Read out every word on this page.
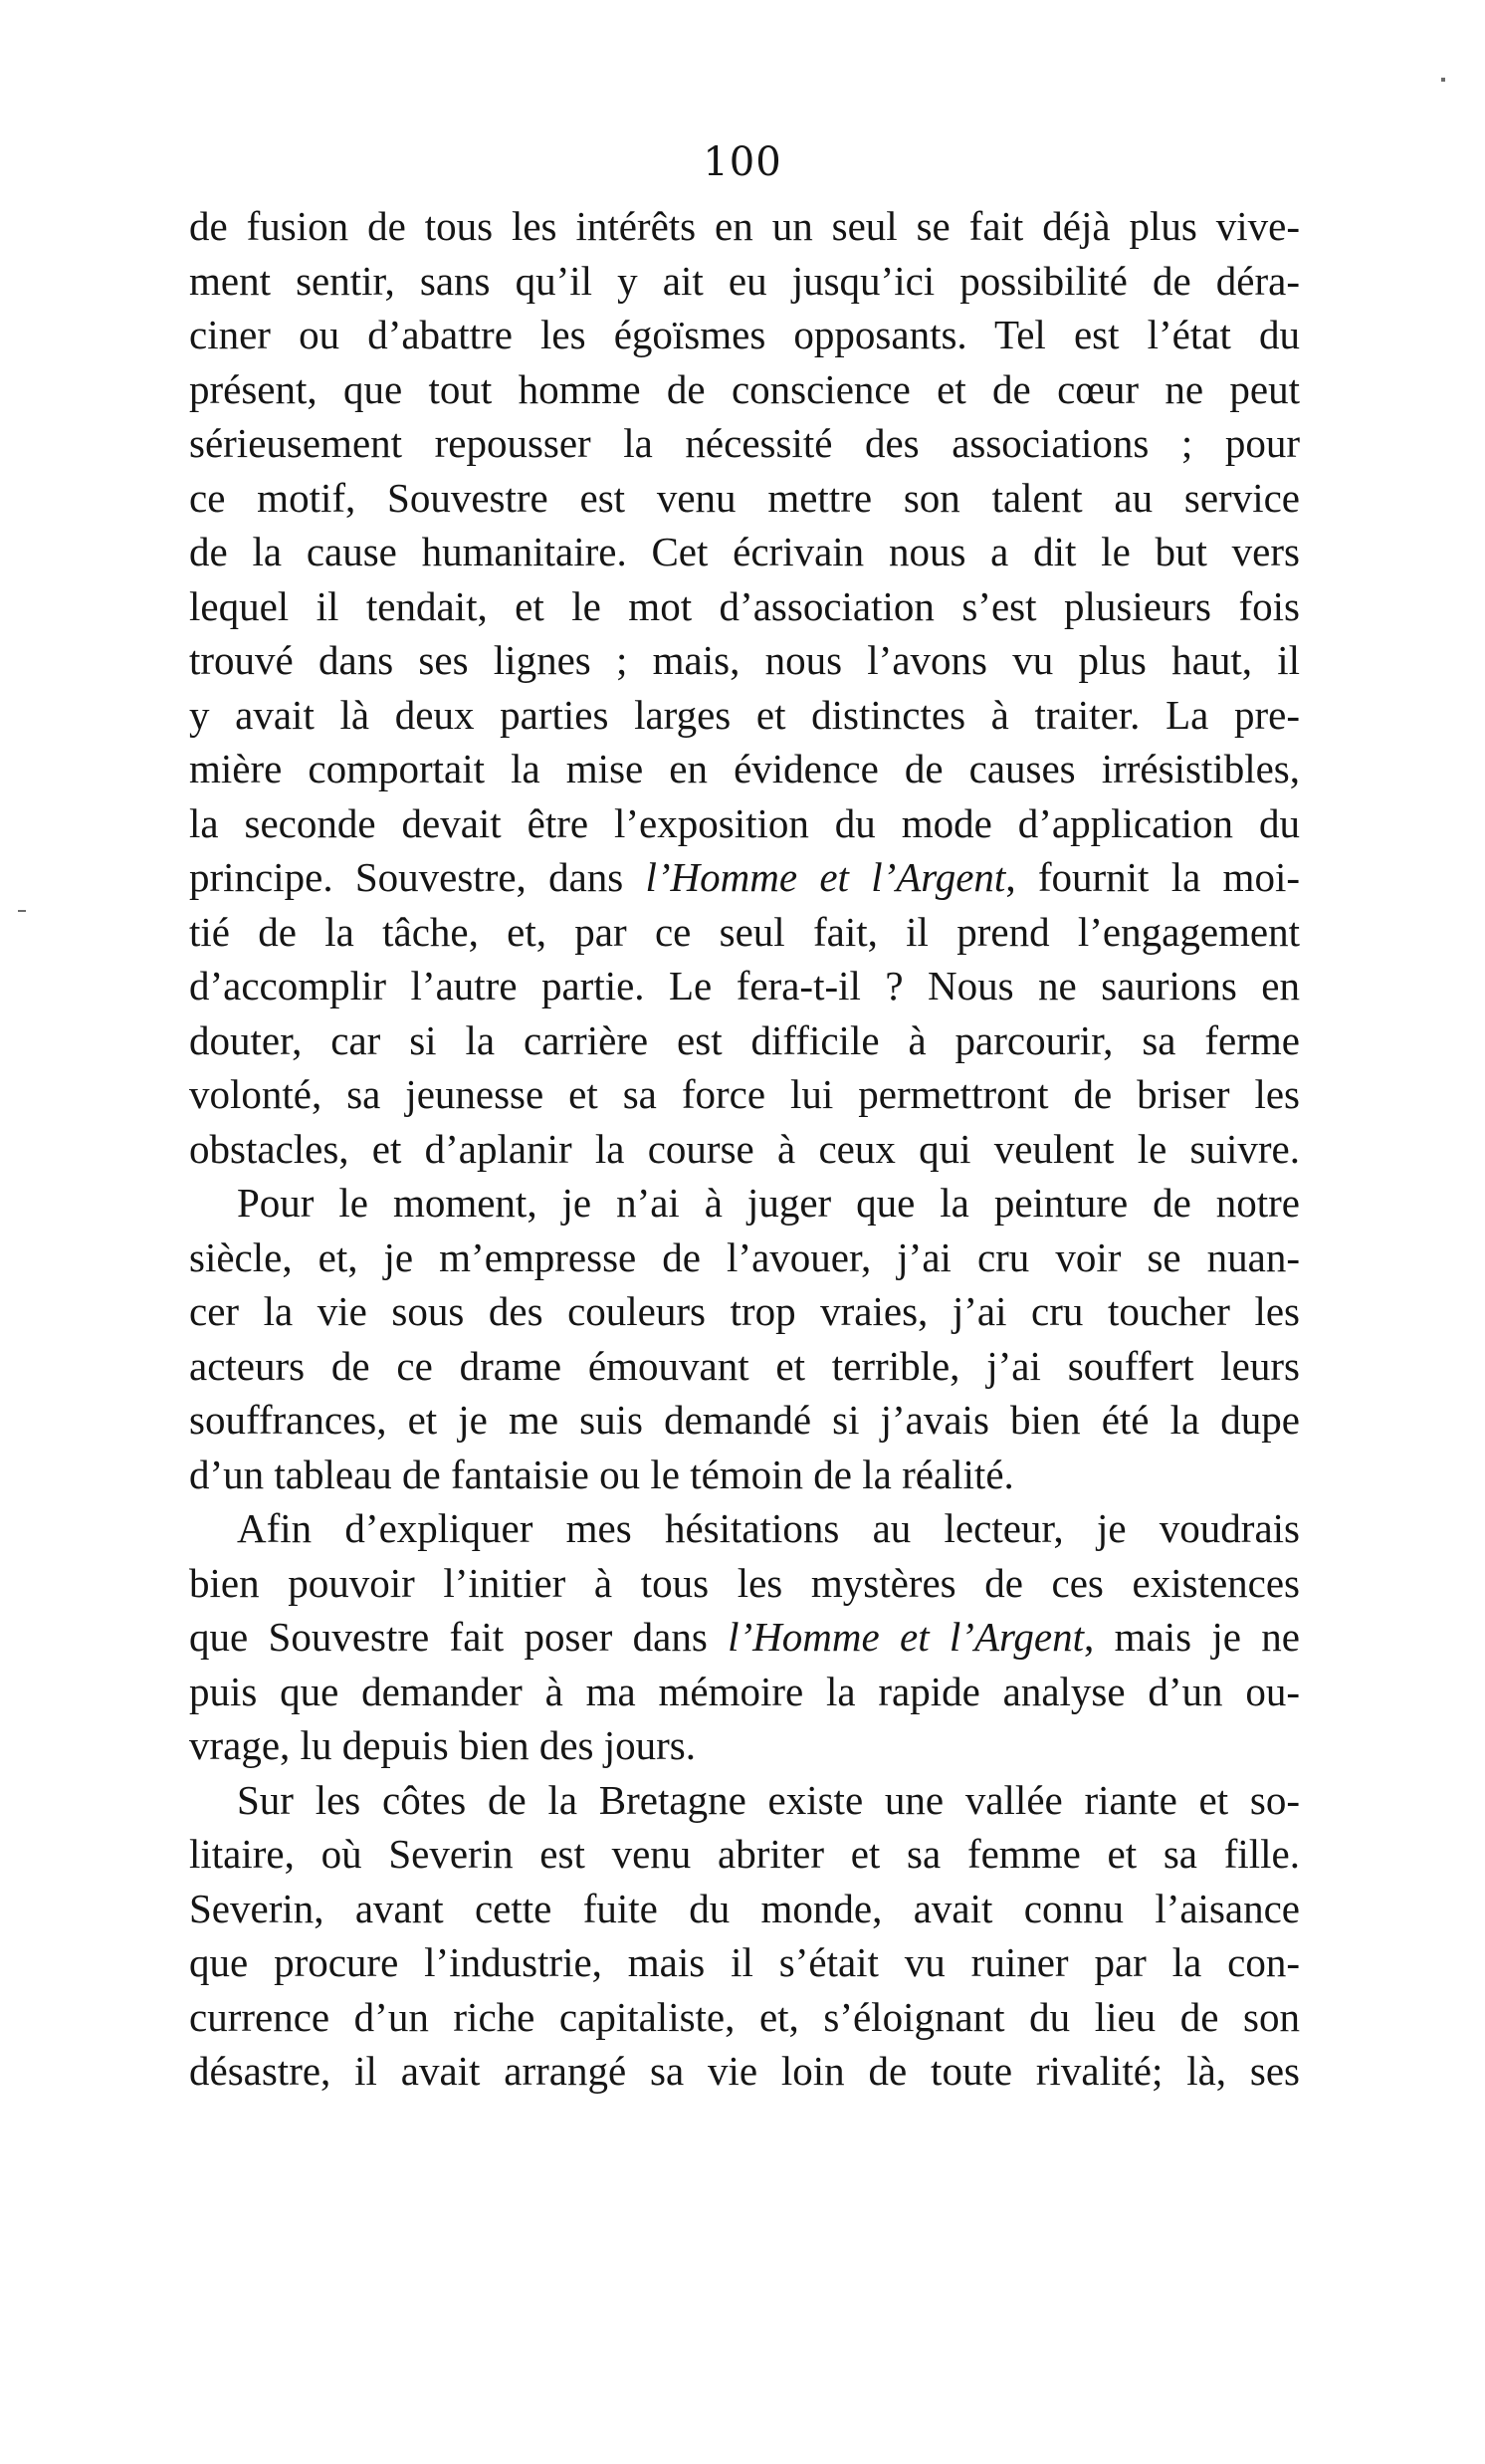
100
de fusion de tous les intérêts en un seul se fait déjà plus vive-
ment sentir, sans qu’il y ait eu jusqu’ici possibilité de déra-
ciner ou d’abattre les égoïsmes opposants. Tel est l’état du
présent, que tout homme de conscience et de cœur ne peut
sérieusement repousser la nécessité des associations ; pour
ce motif, Souvestre est venu mettre son talent au service
de la cause humanitaire. Cet écrivain nous a dit le but vers
lequel il tendait, et le mot d’association s’est plusieurs fois
trouvé dans ses lignes ; mais, nous l’avons vu plus haut, il
y avait là deux parties larges et distinctes à traiter. La pre-
mière comportait la mise en évidence de causes irrésistibles,
la seconde devait être l’exposition du mode d’application du
principe. Souvestre, dans l’Homme et l’Argent, fournit la moi-
tié de la tâche, et, par ce seul fait, il prend l’engagement
d’accomplir l’autre partie. Le fera-t-il ? Nous ne saurions en
douter, car si la carrière est difficile à parcourir, sa ferme
volonté, sa jeunesse et sa force lui permettront de briser les
obstacles, et d’aplanir la course à ceux qui veulent le suivre.
Pour le moment, je n’ai à juger que la peinture de notre
siècle, et, je m’empresse de l’avouer, j’ai cru voir se nuan-
cer la vie sous des couleurs trop vraies, j’ai cru toucher les
acteurs de ce drame émouvant et terrible, j’ai souffert leurs
souffrances, et je me suis demandé si j’avais bien été la dupe
d’un tableau de fantaisie ou le témoin de la réalité.
Afin d’expliquer mes hésitations au lecteur, je voudrais
bien pouvoir l’initier à tous les mystères de ces existences
que Souvestre fait poser dans l’Homme et l’Argent, mais je ne
puis que demander à ma mémoire la rapide analyse d’un ou-
vrage, lu depuis bien des jours.
Sur les côtes de la Bretagne existe une vallée riante et so-
litaire, où Severin est venu abriter et sa femme et sa fille.
Severin, avant cette fuite du monde, avait connu l’aisance
que procure l’industrie, mais il s’était vu ruiner par la con-
currence d’un riche capitaliste, et, s’éloignant du lieu de son
désastre, il avait arrangé sa vie loin de toute rivalité; là, ses
